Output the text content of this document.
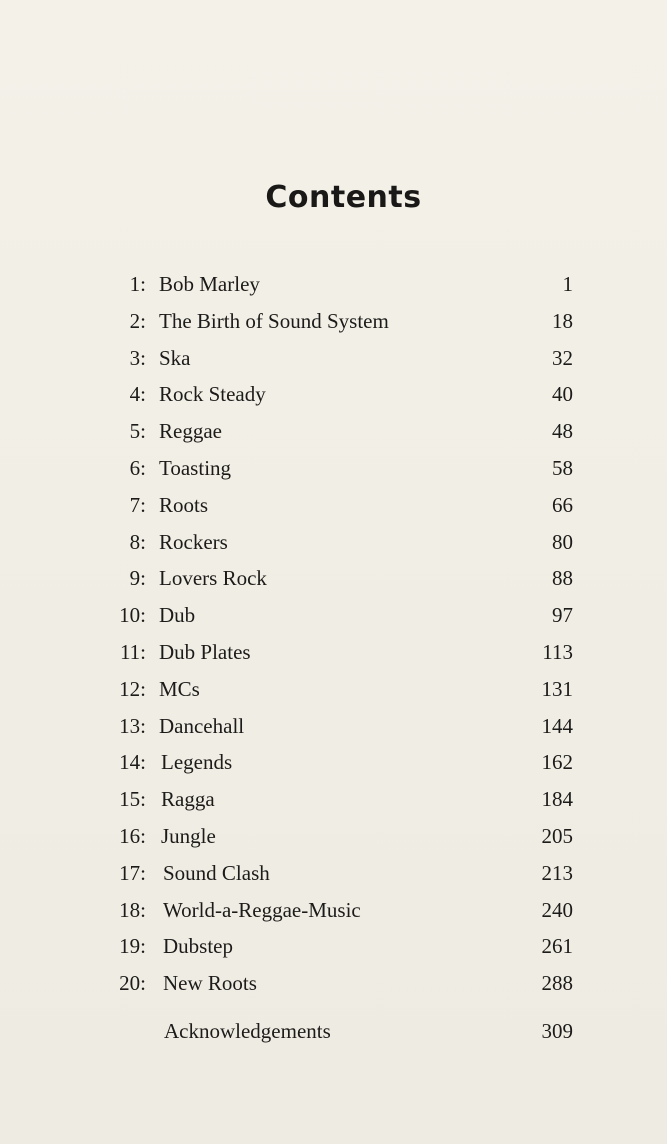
Contents
1: Bob Marley	1
2: The Birth of Sound System	18
3: Ska	32
4: Rock Steady	40
5: Reggae	48
6: Toasting	58
7: Roots	66
8: Rockers	80
9: Lovers Rock	88
10: Dub	97
11: Dub Plates	113
12: MCs	131
13: Dancehall	144
14: Legends	162
15: Ragga	184
16: Jungle	205
17: Sound Clash	213
18: World-a-Reggae-Music	240
19: Dubstep	261
20: New Roots	288
Acknowledgements	309
